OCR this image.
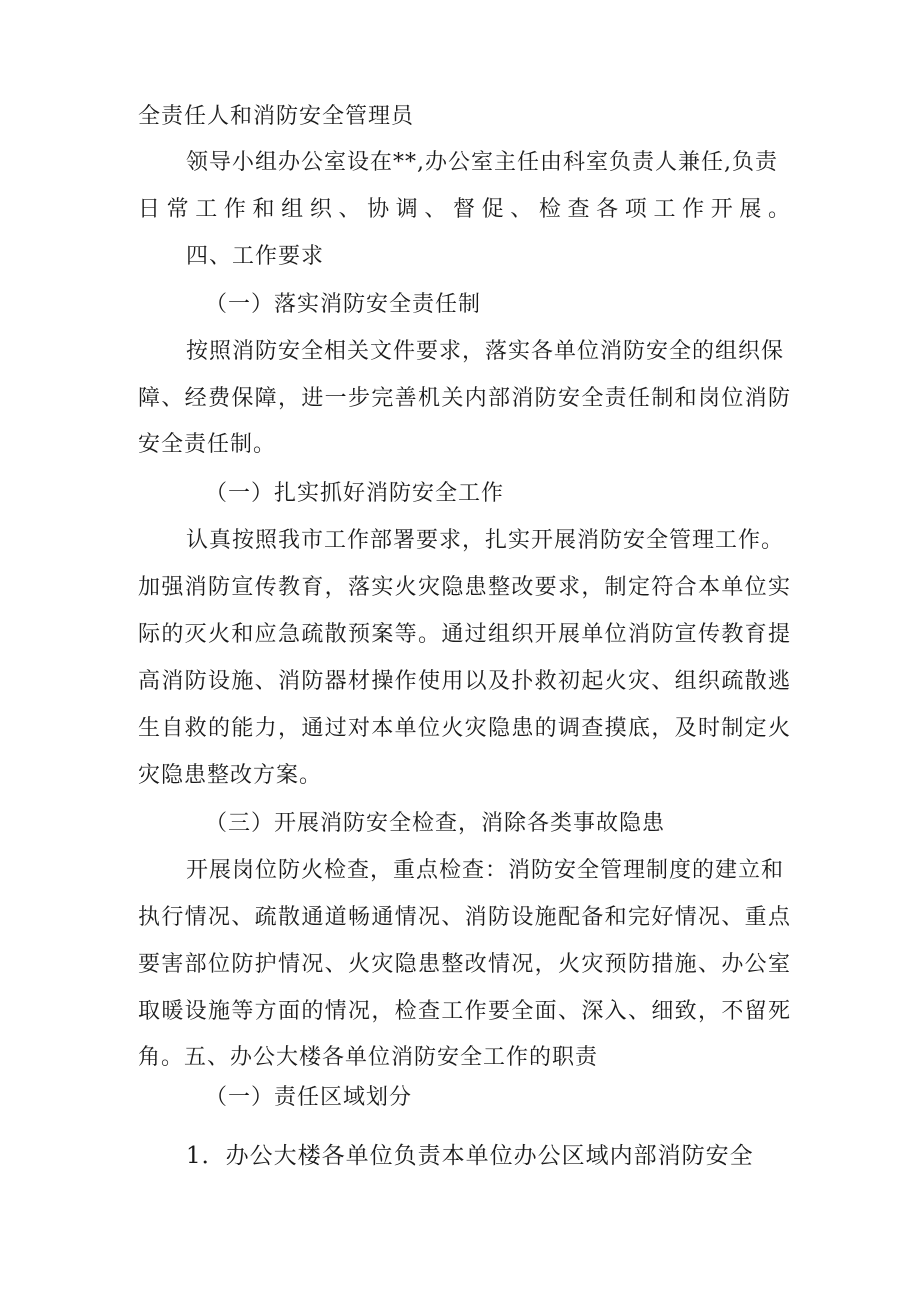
全责任人和消防安全管理员
领导小组办公室设在**,办公室主任由科室负责人兼任,负责
日常工作和组织、协调、督促、检查各项工作开展。
四、工作要求
（一）落实消防安全责任制
按照消防安全相关文件要求，落实各单位消防安全的组织保
障、经费保障，进一步完善机关内部消防安全责任制和岗位消防
安全责任制。
（一）扎实抓好消防安全工作
认真按照我市工作部署要求，扎实开展消防安全管理工作。
加强消防宣传教育，落实火灾隐患整改要求，制定符合本单位实
际的灭火和应急疏散预案等。通过组织开展单位消防宣传教育提
高消防设施、消防器材操作使用以及扑救初起火灾、组织疏散逃
生自救的能力，通过对本单位火灾隐患的调查摸底，及时制定火
灾隐患整改方案。
（三）开展消防安全检查，消除各类事故隐患
开展岗位防火检查，重点检查：消防安全管理制度的建立和
执行情况、疏散通道畅通情况、消防设施配备和完好情况、重点
要害部位防护情况、火灾隐患整改情况，火灾预防措施、办公室
取暖设施等方面的情况，检查工作要全面、深入、细致，不留死
角。五、办公大楼各单位消防安全工作的职责
（一）责任区域划分
1．办公大楼各单位负责本单位办公区域内部消防安全
